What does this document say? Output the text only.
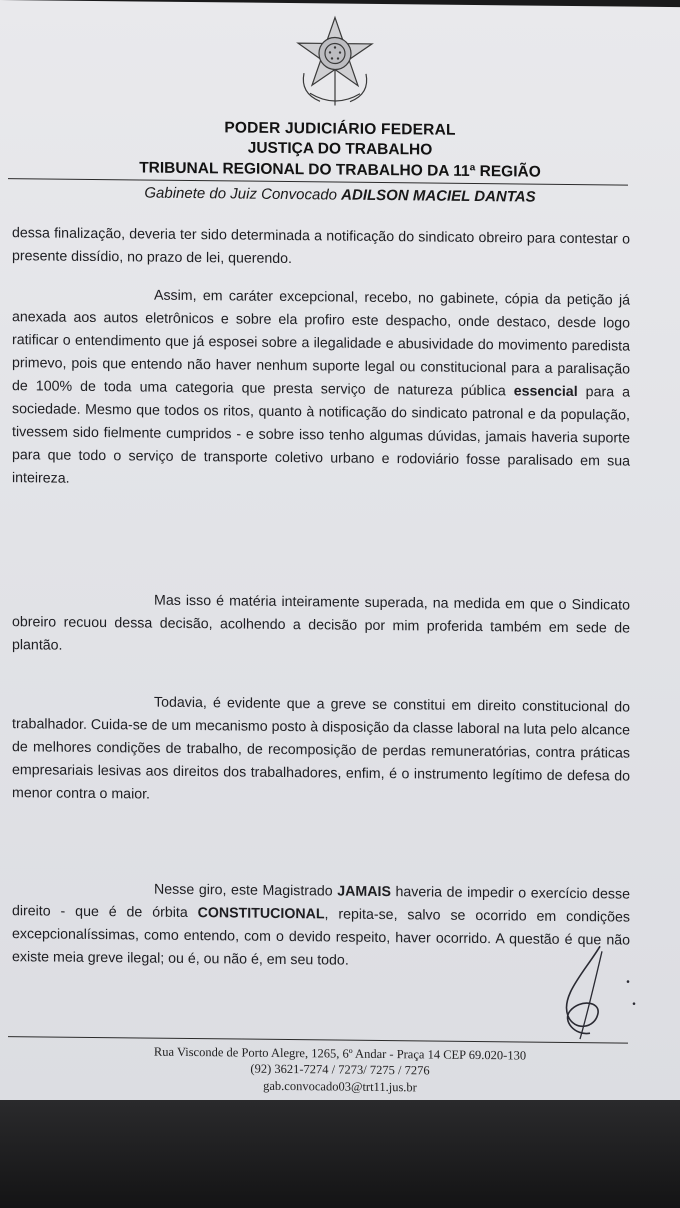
PODER JUDICIÁRIO FEDERAL
JUSTIÇA DO TRABALHO
TRIBUNAL REGIONAL DO TRABALHO DA 11ª REGIÃO
Gabinete do Juiz Convocado ADILSON MACIEL DANTAS
dessa finalização, deveria ter sido determinada a notificação do sindicato obreiro para contestar o presente dissídio, no prazo de lei, querendo.
Assim, em caráter excepcional, recebo, no gabinete, cópia da petição já anexada aos autos eletrônicos e sobre ela profiro este despacho, onde destaco, desde logo ratificar o entendimento que já esposei sobre a ilegalidade e abusividade do movimento paredista primevo, pois que entendo não haver nenhum suporte legal ou constitucional para a paralisação de 100% de toda uma categoria que presta serviço de natureza pública essencial para a sociedade. Mesmo que todos os ritos, quanto à notificação do sindicato patronal e da população, tivessem sido fielmente cumpridos - e sobre isso tenho algumas dúvidas, jamais haveria suporte para que todo o serviço de transporte coletivo urbano e rodoviário fosse paralisado em sua inteireza.
Mas isso é matéria inteiramente superada, na medida em que o Sindicato obreiro recuou dessa decisão, acolhendo a decisão por mim proferida também em sede de plantão.
Todavia, é evidente que a greve se constitui em direito constitucional do trabalhador. Cuida-se de um mecanismo posto à disposição da classe laboral na luta pelo alcance de melhores condições de trabalho, de recomposição de perdas remuneratórias, contra práticas empresariais lesivas aos direitos dos trabalhadores, enfim, é o instrumento legítimo de defesa do menor contra o maior.
Nesse giro, este Magistrado JAMAIS haveria de impedir o exercício desse direito - que é de órbita CONSTITUCIONAL, repita-se, salvo se ocorrido em condições excepcionalíssimas, como entendo, com o devido respeito, haver ocorrido. A questão é que não existe meia greve ilegal; ou é, ou não é, em seu todo.
Rua Visconde de Porto Alegre, 1265, 6º Andar - Praça 14 CEP 69.020-130
(92) 3621-7274 / 7273/ 7275 / 7276
gab.convocado03@trt11.jus.br
